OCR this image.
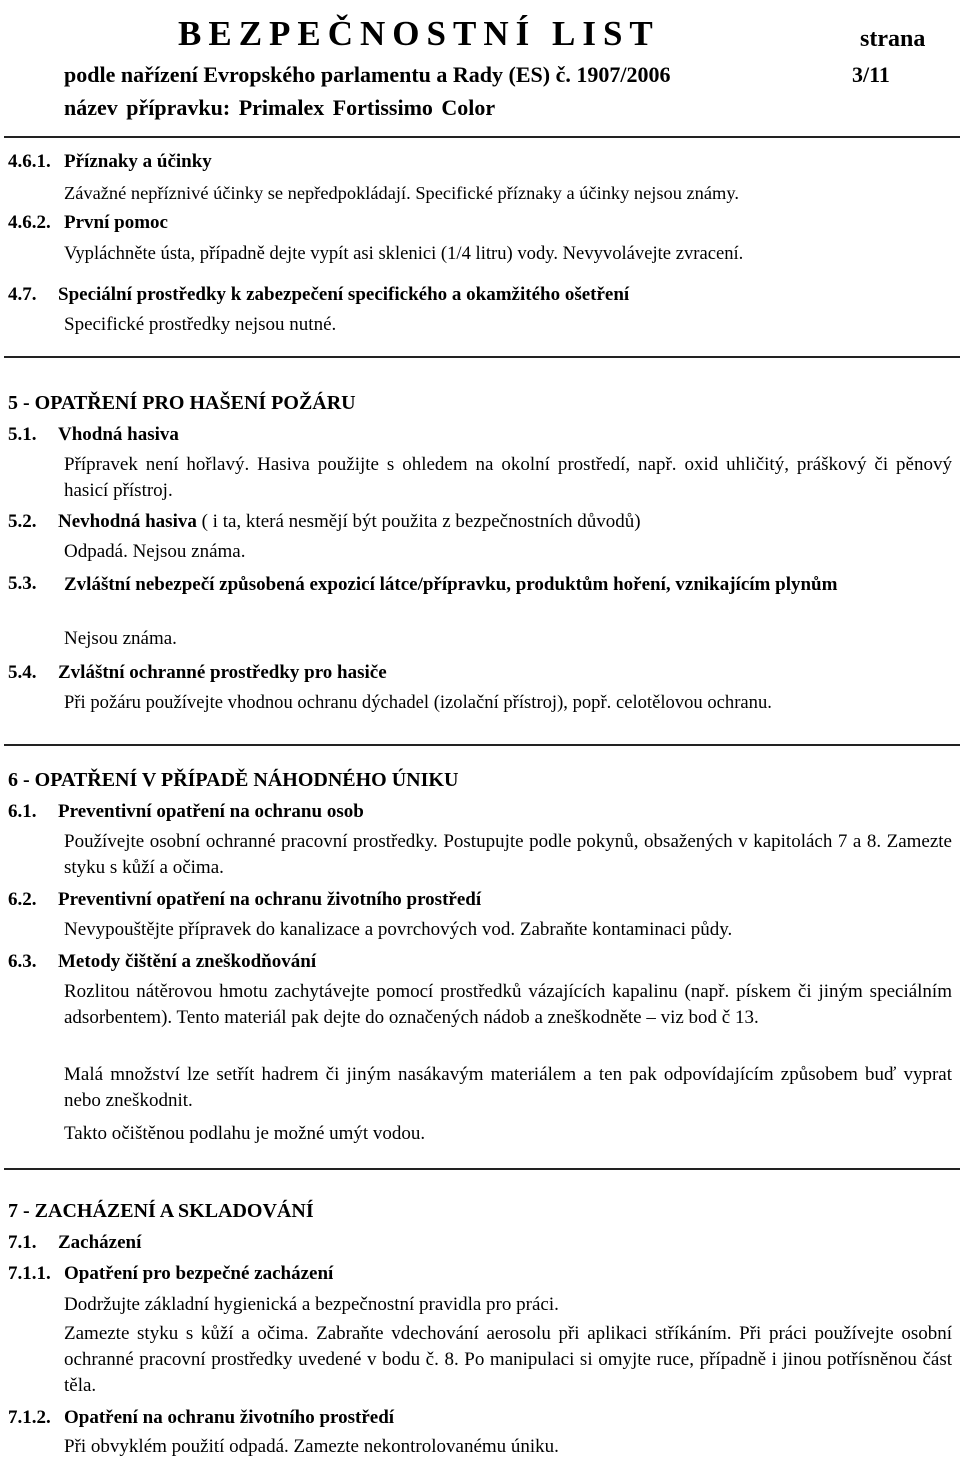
BEZPEČNOSTNÍ LIST	strana
podle nařízení Evropského parlamentu a Rady (ES) č. 1907/2006	3/11
název přípravku: Primalex Fortissimo Color
4.6.1. Příznaky a účinky
Závažné nepříznivé účinky se nepředpokládají. Specifické příznaky a účinky nejsou známy.
4.6.2. První pomoc
Vypláchněte ústa, případně dejte vypít asi sklenici (1/4 litru) vody. Nevyvolávejte zvracení.
4.7. Speciální prostředky k zabezpečení specifického a okamžitého ošetření
Specifické prostředky nejsou nutné.
5 - OPATŘENÍ PRO HAŠENÍ POŽÁRU
5.1. Vhodná hasiva
Přípravek není hořlavý. Hasiva použijte s ohledem na okolní prostředí, např. oxid uhličitý, práškový či pěnový hasicí přístroj.
5.2. Nevhodná hasiva ( i ta, která nesmějí být použita z bezpečnostních důvodů)
Odpadá. Nejsou známa.
5.3. Zvláštní nebezpečí způsobená expozicí látce/přípravku, produktům hoření, vznikajícím plynům
Nejsou známa.
5.4. Zvláštní ochranné prostředky pro hasiče
Při požáru používejte vhodnou ochranu dýchadel (izolační přístroj), popř. celotělovou ochranu.
6 - OPATŘENÍ V PŘÍPADĚ NÁHODNÉHO ÚNIKU
6.1. Preventivní opatření na ochranu osob
Používejte osobní ochranné pracovní prostředky. Postupujte podle pokynů, obsažených v kapitolách 7 a 8. Zamezte styku s kůží a očima.
6.2. Preventivní opatření na ochranu životního prostředí
Nevypouštějte přípravek do kanalizace a povrchových vod. Zabraňte kontaminaci půdy.
6.3. Metody čištění a zneškodňování
Rozlitou nátěrovou hmotu zachytávejte pomocí prostředků vázajících kapalinu (např. pískem či jiným speciálním adsorbentem). Tento materiál pak dejte do označených nádob a zneškodněte – viz bod č 13.
Malá množství lze setřít hadrem či jiným nasákavým materiálem a ten pak odpovídajícím způsobem buď vyprat nebo zneškodnit.
Takto očištěnou podlahu je možné umýt vodou.
7 - ZACHÁZENÍ A SKLADOVÁNÍ
7.1. Zacházení
7.1.1. Opatření pro bezpečné zacházení
Dodržujte základní hygienická a bezpečnostní pravidla pro práci.
Zamezte styku s kůží a očima. Zabraňte vdechování aerosolu při aplikaci stříkáním. Při práci používejte osobní ochranné pracovní prostředky uvedené v bodu č. 8. Po manipulaci si omyjte ruce, případně i jinou potřísněnou část těla.
7.1.2. Opatření na ochranu životního prostředí
Při obvyklém použití odpadá. Zamezte nekontrolovanému úniku.
